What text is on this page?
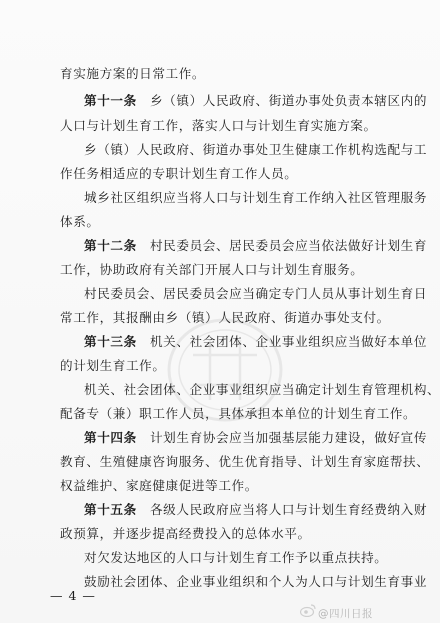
育实施方案的日常工作。
第十一条　 乡（镇）人民政府、街道办事处负责本辖区内的
人口与计划生育工作，落实人口与计划生育实施方案。
乡（镇）人民政府、街道办事处卫生健康工作机构选配与工
作任务相适应的专职计划生育工作人员。
城乡社区组织应当将人口与计划生育工作纳入社区管理服务
体系。
第十二条　 村民委员会、居民委员会应当依法做好计划生育
工作，协助政府有关部门开展人口与计划生育服务。
村民委员会、居民委员会应当确定专门人员从事计划生育日
常工作，其报酬由乡（镇）人民政府、街道办事处支付。
第十三条　 机关、社会团体、企业事业组织应当做好本单位
的计划生育工作。
机关、社会团体、企业事业组织应当确定计划生育管理机构、
配备专（兼）职工作人员，具体承担本单位的计划生育工作。
第十四条　 计划生育协会应当加强基层能力建设，做好宣传
教育、生殖健康咨询服务、优生优育指导、计划生育家庭帮扶、
权益维护、家庭健康促进等工作。
第十五条　 各级人民政府应当将人口与计划生育经费纳入财
政预算，并逐步提高经费投入的总体水平。
对欠发达地区的人口与计划生育工作予以重点扶持。
鼓励社会团体、企业事业组织和个人为人口与计划生育事业
— 4 —
@四川日报
